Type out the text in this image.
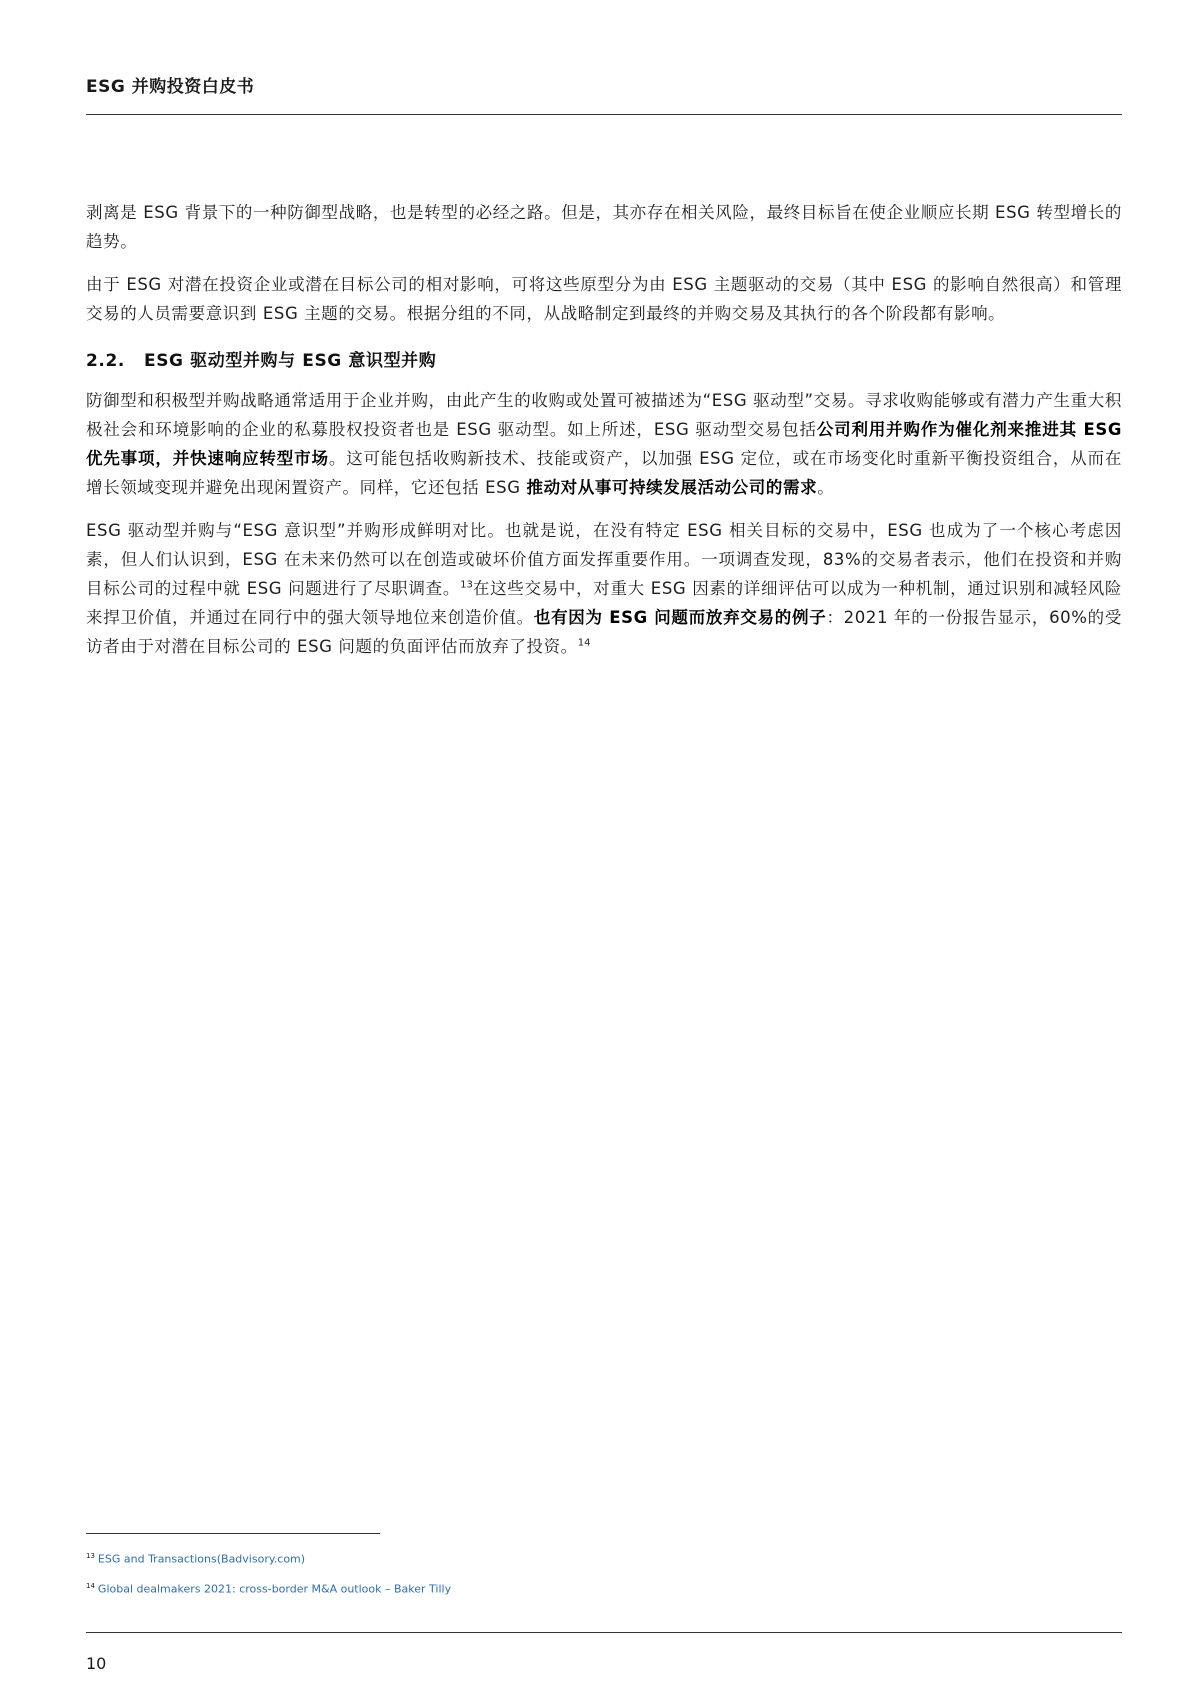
ESG 并购投资白皮书

剥离是 ESG 背景下的一种防御型战略，也是转型的必经之路。但是，其亦存在相关风险，最终目标旨在使企业顺应长期 ESG 转型增长的趋势。

由于 ESG 对潜在投资企业或潜在目标公司的相对影响，可将这些原型分为由 ESG 主题驱动的交易（其中 ESG 的影响自然很高）和管理交易的人员需要意识到 ESG 主题的交易。根据分组的不同，从战略制定到最终的并购交易及其执行的各个阶段都有影响。

2.2. ESG 驱动型并购与 ESG 意识型并购

防御型和积极型并购战略通常适用于企业并购，由此产生的收购或处置可被描述为“ESG 驱动型”交易。寻求收购能够或有潜力产生重大积极社会和环境影响的企业的私募股权投资者也是 ESG 驱动型。如上所述，ESG 驱动型交易包括公司利用并购作为催化剂来推进其 ESG 优先事项，并快速响应转型市场。这可能包括收购新技术、技能或资产，以加强 ESG 定位，或在市场变化时重新平衡投资组合，从而在增长领域变现并避免出现闲置资产。同样，它还包括 ESG 推动对从事可持续发展活动公司的需求。

ESG 驱动型并购与“ESG 意识型”并购形成鲜明对比。也就是说，在没有特定 ESG 相关目标的交易中，ESG 也成为了一个核心考虑因素，但人们认识到，ESG 在未来仍然可以在创造或破坏价值方面发挥重要作用。一项调查发现，83%的交易者表示，他们在投资和并购目标公司的过程中就 ESG 问题进行了尽职调查。$^{13}$在这些交易中，对重大 ESG 因素的详细评估可以成为一种机制，通过识别和减轻风险来捍卫价值，并通过在同行中的强大领导地位来创造价值。也有因为 ESG 问题而放弃交易的例子：2021 年的一份报告显示，60%的受访者由于对潜在目标公司的 ESG 问题的负面评估而放弃了投资。$^{14}$

$^{13}$ ESG and Transactions(Badvisory.com)
$^{14}$ Global dealmakers 2021: cross-border M&A outlook – Baker Tilly
10
